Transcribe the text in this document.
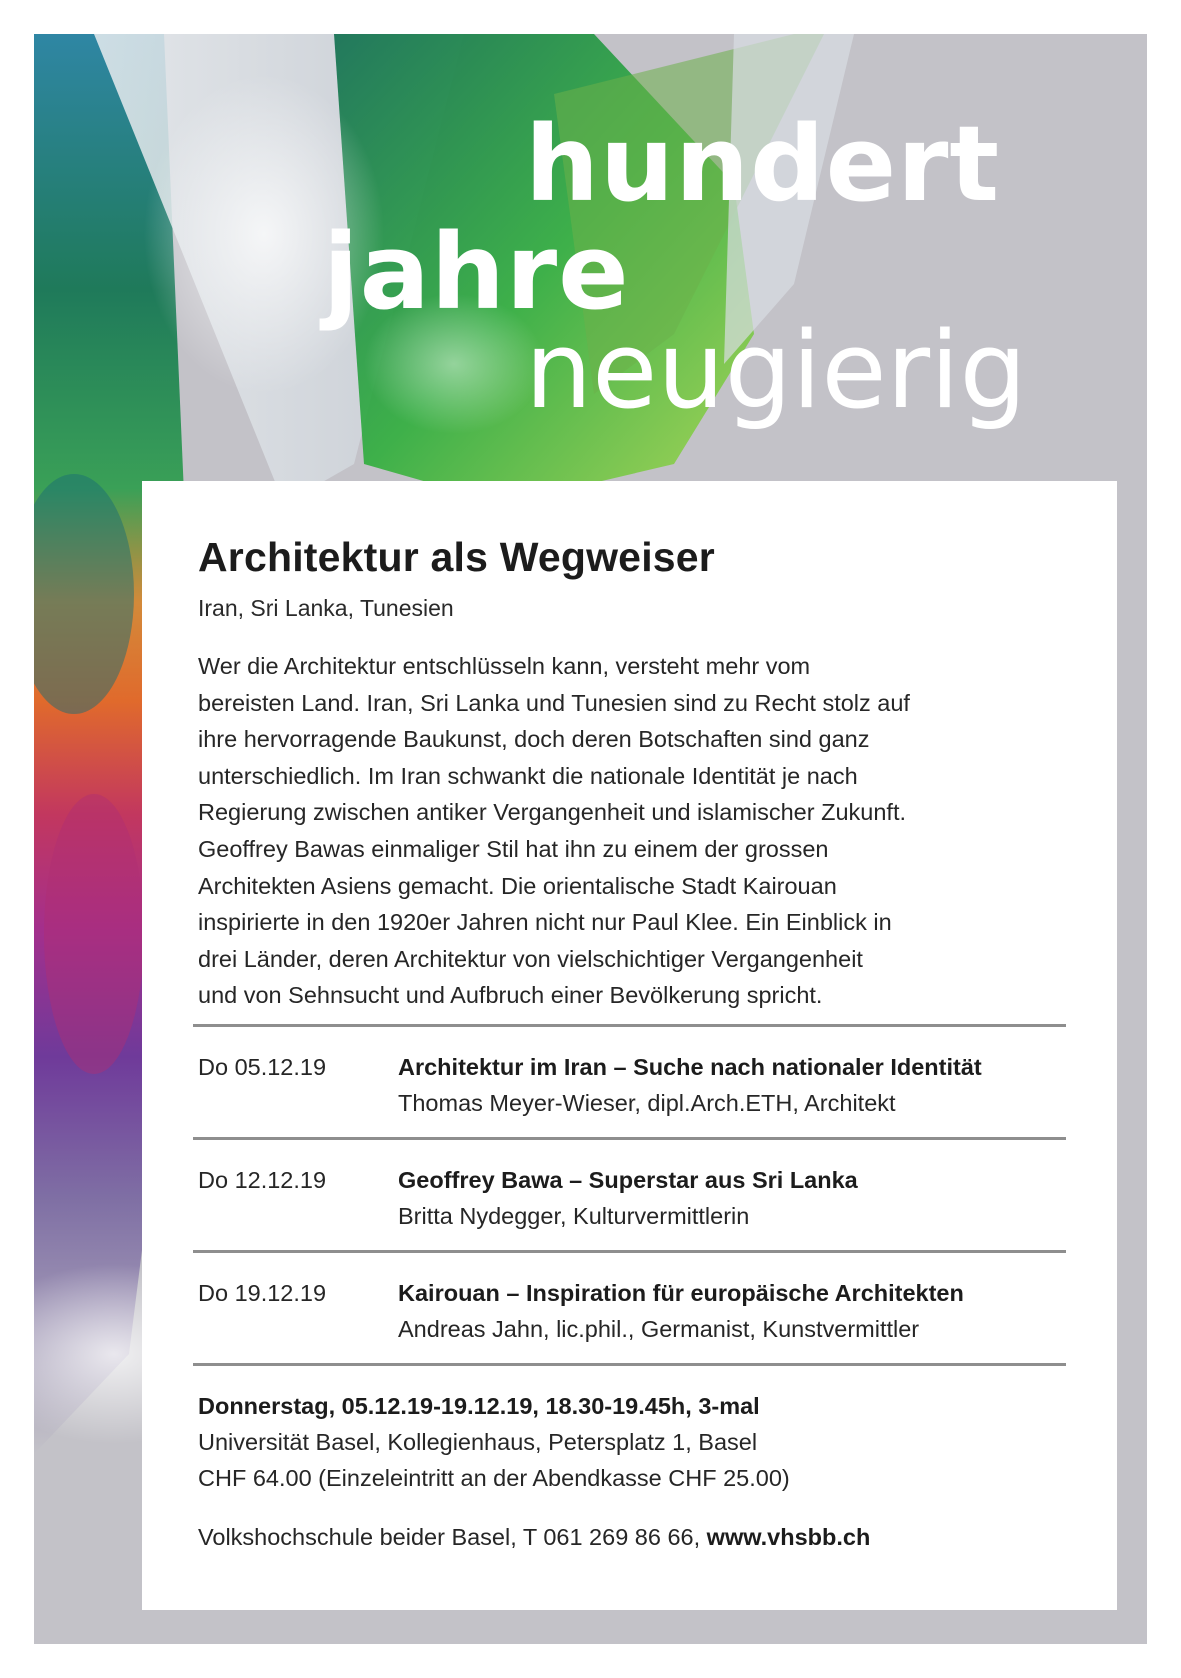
hundert
jahre
neugierig
Architektur als Wegweiser

Iran, Sri Lanka, Tunesien

Wer die Architektur entschlüsseln kann, versteht mehr vom
bereisten Land. Iran, Sri Lanka und Tunesien sind zu Recht stolz auf
ihre hervorragende Baukunst, doch deren Botschaften sind ganz
unterschiedlich. Im Iran schwankt die nationale Identität je nach
Regierung zwischen antiker Vergangenheit und islamischer Zukunft.
Geoffrey Bawas einmaliger Stil hat ihn zu einem der grossen
Architekten Asiens gemacht. Die orientalische Stadt Kairouan
inspirierte in den 1920er Jahren nicht nur Paul Klee. Ein Einblick in
drei Länder, deren Architektur von vielschichtiger Vergangenheit
und von Sehnsucht und Aufbruch einer Bevölkerung spricht.

Do 05.12.19	Architektur im Iran – Suche nach nationaler Identität
Thomas Meyer-Wieser, dipl.Arch.ETH, Architekt
Do 12.12.19	Geoffrey Bawa – Superstar aus Sri Lanka
Britta Nydegger, Kulturvermittlerin
Do 19.12.19	Kairouan – Inspiration für europäische Architekten
Andreas Jahn, lic.phil., Germanist, Kunstvermittler
Donnerstag, 05.12.19-19.12.19, 18.30-19.45h, 3-mal
Universität Basel, Kollegienhaus, Petersplatz 1, Basel
CHF 64.00 (Einzeleintritt an der Abendkasse CHF 25.00)
Volkshochschule beider Basel, T 061 269 86 66, www.vhsbb.ch
